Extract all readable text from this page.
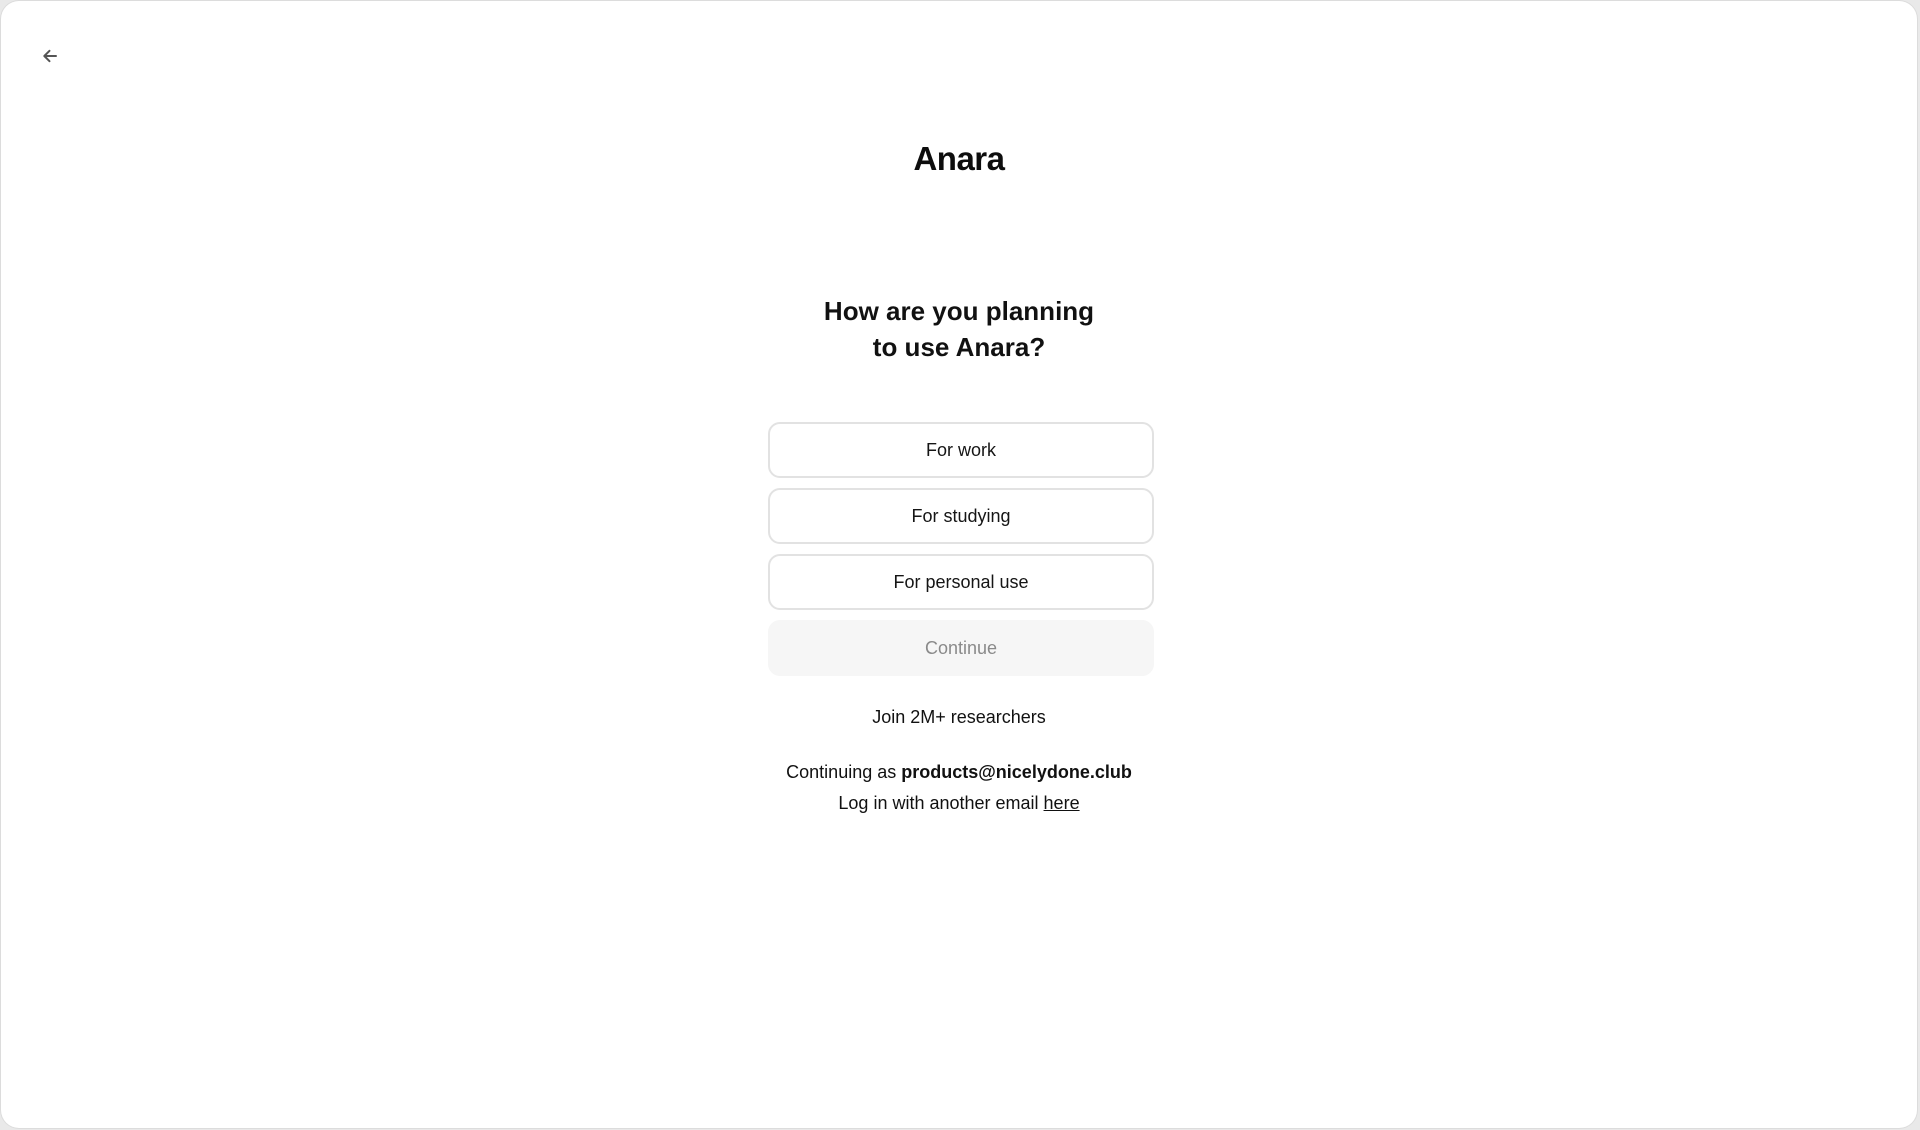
Anara
How are you planning
to use Anara?
For work
For studying
For personal use
Continue
Join 2M+ researchers
Continuing as products@nicelydone.club
Log in with another email here
